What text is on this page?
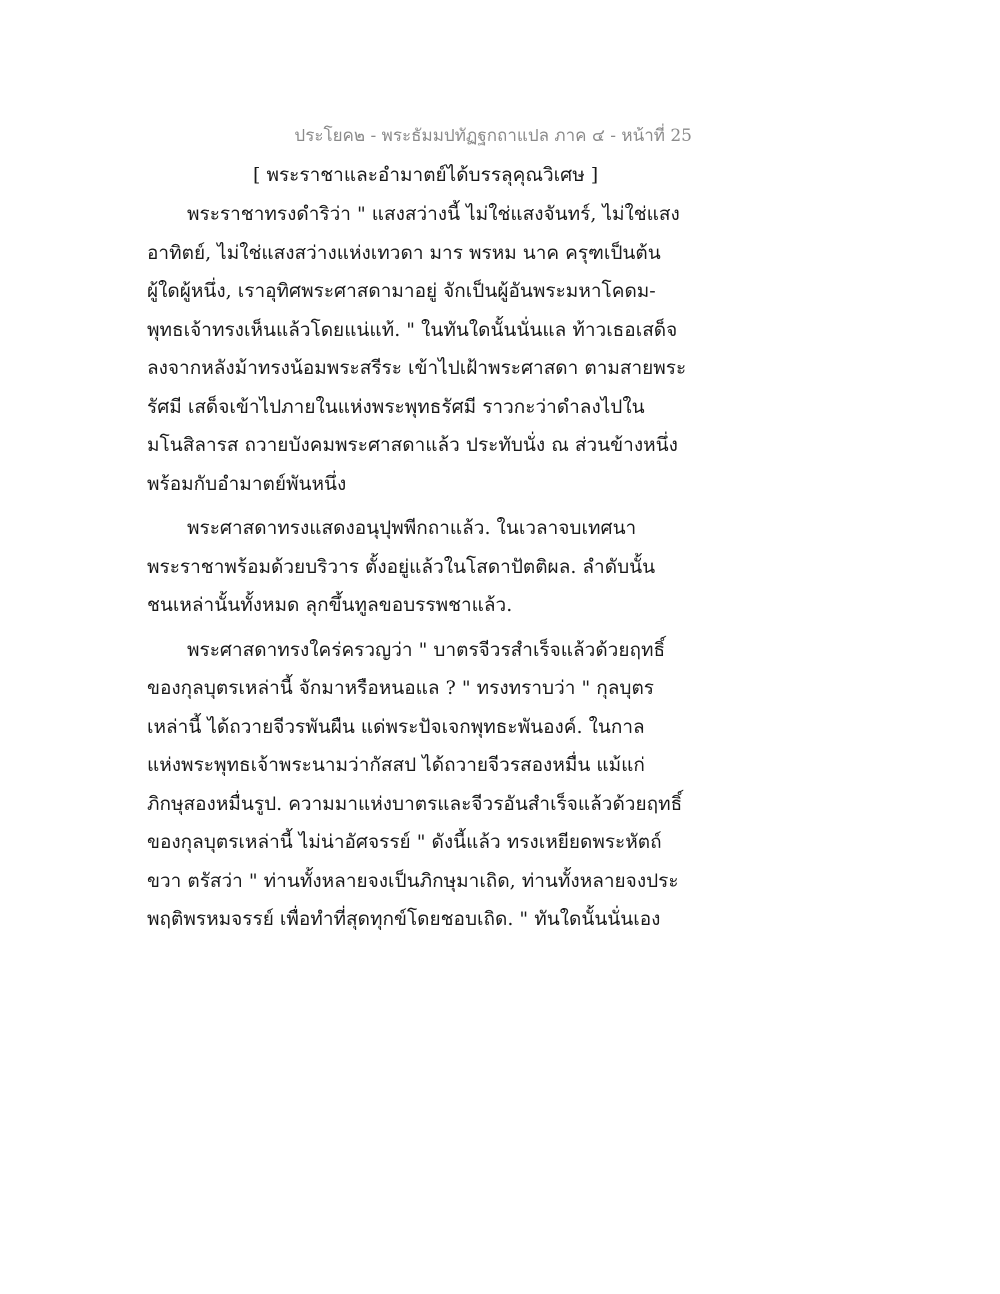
ประโยค๒ - พระธัมมปทัฏฐกถาแปล ภาค ๔ - หน้าที่ 25
[ พระราชาและอำมาตย์ได้บรรลุคุณวิเศษ ]
พระราชาทรงดำริว่า " แสงสว่างนี้ ไม่ใช่แสงจันทร์, ไม่ใช่แสง
อาทิตย์, ไม่ใช่แสงสว่างแห่งเทวดา มาร พรหม นาค ครุฑเป็นต้น
ผู้ใดผู้หนึ่ง, เราอุทิศพระศาสดามาอยู่ จักเป็นผู้อันพระมหาโคดม-
พุทธเจ้าทรงเห็นแล้วโดยแน่แท้. " ในทันใดนั้นนั่นแล ท้าวเธอเสด็จ
ลงจากหลังม้าทรงน้อมพระสรีระ เข้าไปเฝ้าพระศาสดา ตามสายพระ
รัศมี เสด็จเข้าไปภายในแห่งพระพุทธรัศมี ราวกะว่าดำลงไปใน
มโนสิลารส ถวายบังคมพระศาสดาแล้ว ประทับนั่ง ณ ส่วนข้างหนึ่ง
พร้อมกับอำมาตย์พันหนึ่ง
พระศาสดาทรงแสดงอนุปุพพีกถาแล้ว. ในเวลาจบเทศนา
พระราชาพร้อมด้วยบริวาร ตั้งอยู่แล้วในโสดาปัตติผล. ลำดับนั้น
ชนเหล่านั้นทั้งหมด ลุกขึ้นทูลขอบรรพชาแล้ว.
พระศาสดาทรงใคร่ครวญว่า " บาตรจีวรสำเร็จแล้วด้วยฤทธิ์
ของกุลบุตรเหล่านี้ จักมาหรือหนอแล ? " ทรงทราบว่า " กุลบุตร
เหล่านี้ ได้ถวายจีวรพันผืน แด่พระปัจเจกพุทธะพันองค์. ในกาล
แห่งพระพุทธเจ้าพระนามว่ากัสสป ได้ถวายจีวรสองหมื่น แม้แก่
ภิกษุสองหมื่นรูป. ความมาแห่งบาตรและจีวรอันสำเร็จแล้วด้วยฤทธิ์
ของกุลบุตรเหล่านี้ ไม่น่าอัศจรรย์ " ดังนี้แล้ว ทรงเหยียดพระหัตถ์
ขวา ตรัสว่า " ท่านทั้งหลายจงเป็นภิกษุมาเถิด, ท่านทั้งหลายจงประ
พฤติพรหมจรรย์ เพื่อทำที่สุดทุกข์โดยชอบเถิด. " ทันใดนั้นนั่นเอง
